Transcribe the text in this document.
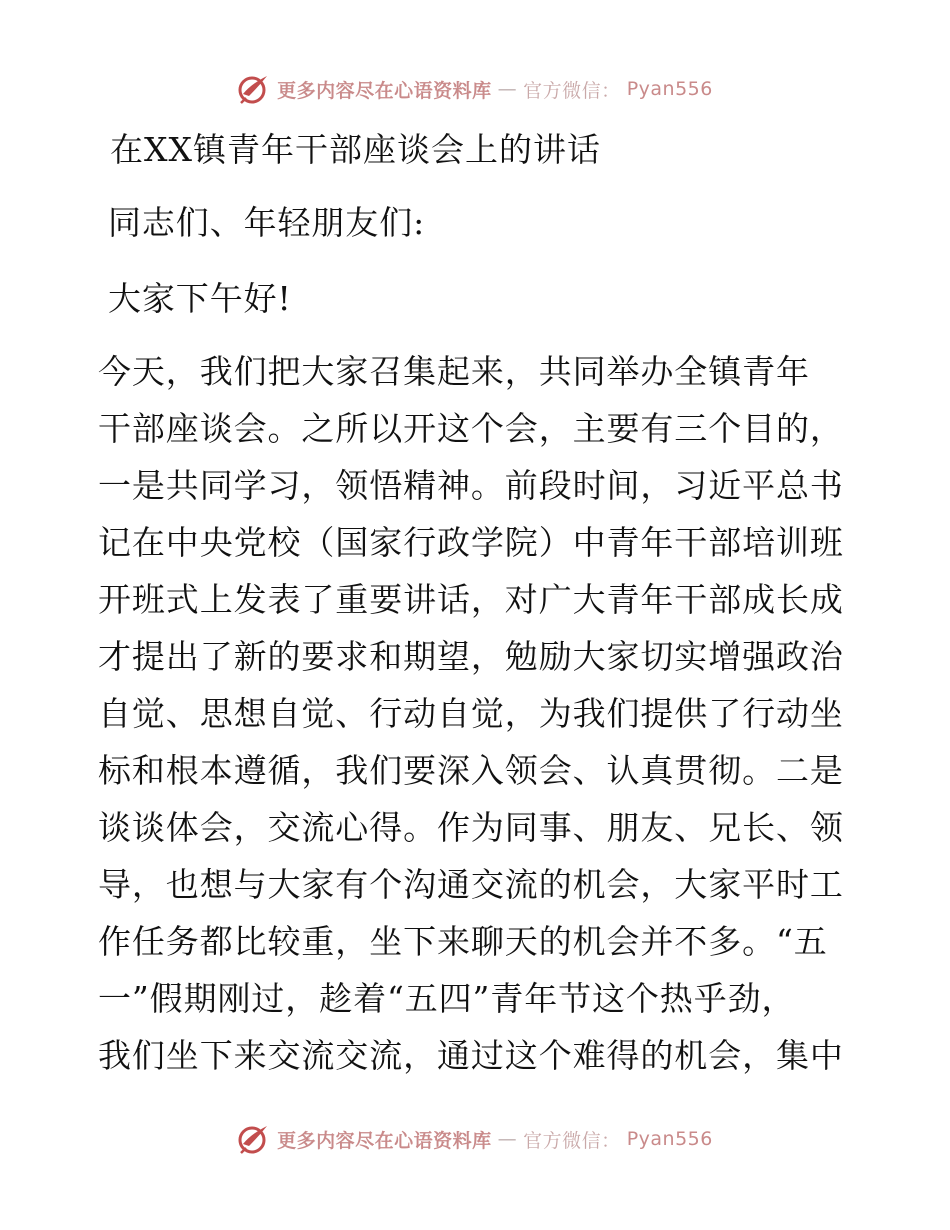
更多内容尽在心语资料库 — 官方微信： Pyan556
在XX镇青年干部座谈会上的讲话
同志们、年轻朋友们:
大家下午好!
今天，我们把大家召集起来，共同举办全镇青年
干部座谈会。之所以开这个会，主要有三个目的，
一是共同学习，领悟精神。前段时间，习近平总书
记在中央党校（国家行政学院）中青年干部培训班
开班式上发表了重要讲话，对广大青年干部成长成
才提出了新的要求和期望，勉励大家切实增强政治
自觉、思想自觉、行动自觉，为我们提供了行动坐
标和根本遵循，我们要深入领会、认真贯彻。二是
谈谈体会，交流心得。作为同事、朋友、兄长、领
导，也想与大家有个沟通交流的机会，大家平时工
作任务都比较重，坐下来聊天的机会并不多。“五
一”假期刚过，趁着“五四”青年节这个热乎劲，
我们坐下来交流交流，通过这个难得的机会，集中
更多内容尽在心语资料库 — 官方微信： Pyan556
